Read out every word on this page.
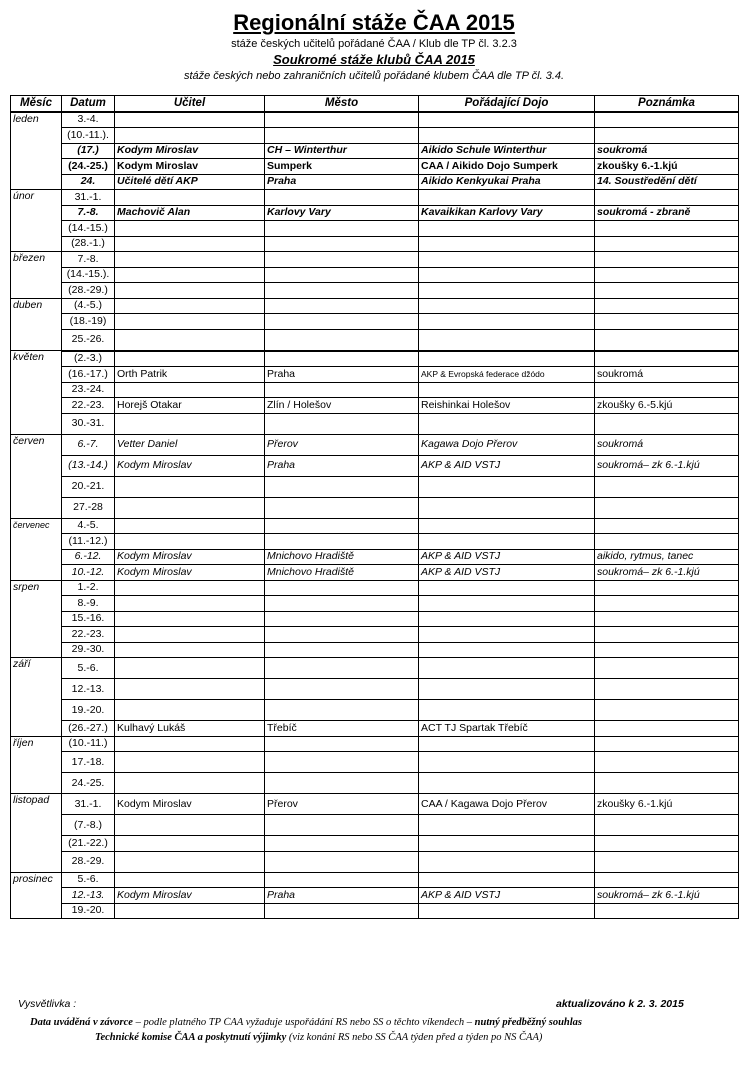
Regionální stáže ČAA 2015
stáže českých učitelů pořádané ČAA / Klub dle TP čl. 3.2.3
Soukromé stáže klubů ČAA 2015
stáže českých nebo zahraničních učitelů pořádané klubem ČAA dle TP čl. 3.4.
Měsíc	Datum	Učitel	Město	Pořádající Dojo	Poznámka
leden	3.-4.				
	(10.-11.).				
	(17.)	Kodym Miroslav	CH – Winterthur	Aikido Schule Winterthur	soukromá
	(24.-25.)	Kodym Miroslav	Sumperk	CAA / Aikido Dojo Sumperk	zkoušky 6.-1.kjú
	24.	Učitelé dětí AKP	Praha	Aikido Kenkyukai Praha	14. Soustředění dětí
únor	31.-1.				
	7.-8.	Machovič Alan	Karlovy Vary	Kavaikikan Karlovy Vary	soukromá - zbraně
	(14.-15.)				
	(28.-1.)				
březen	7.-8.				
	(14.-15.).				
	(28.-29.)				
duben	(4.-5.)				
	(18.-19)				
	25.-26.				
květen	(2.-3.)				
	(16.-17.)	Orth Patrik	Praha	AKP & Evropská federace džódo	soukromá
	23.-24.				
	22.-23.	Horejš Otakar	Zlín / Holešov	Reishinkai Holešov	zkoušky 6.-5.kjú
	30.-31.				
červen	6.-7.	Vetter Daniel	Přerov	Kagawa Dojo Přerov	soukromá
	(13.-14.)	Kodym Miroslav	Praha	AKP & AID VSTJ	soukromá– zk 6.-1.kjú
	20.-21.				
	27.-28				
červenec	4.-5.				
	(11.-12.)				
	6.-12.	Kodym Miroslav	Mnichovo Hradiště	AKP & AID VSTJ	aikido, rytmus, tanec
	10.-12.	Kodym Miroslav	Mnichovo Hradiště	AKP & AID VSTJ	soukromá– zk 6.-1.kjú
srpen	1.-2.				
	8.-9.				
	15.-16.				
	22.-23.				
	29.-30.				
září	5.-6.				
	12.-13.				
	19.-20.				
	(26.-27.)	Kulhavý Lukáš	Třebíč	ACT TJ Spartak Třebíč	
říjen	(10.-11.)				
	17.-18.				
	24.-25.				
listopad	31.-1.	Kodym Miroslav	Přerov	CAA / Kagawa Dojo Přerov	zkoušky 6.-1.kjú
	(7.-8.)				
	(21.-22.)				
	28.-29.				
prosinec	5.-6.				
	12.-13.	Kodym Miroslav	Praha	AKP & AID VSTJ	soukromá– zk 6.-1.kjú
	19.-20.				
Vysvětlivka :	aktualizováno k 2. 3. 2015
Data uváděná v závorce – podle platného TP ČAA vyžaduje uspořádání RS nebo SS o těchto víkendech – nutný předběžný souhlas
Technické komise ČAA a poskytnutí výjimky (viz konání RS nebo SS ČAA týden před a týden po NS ČAA)
